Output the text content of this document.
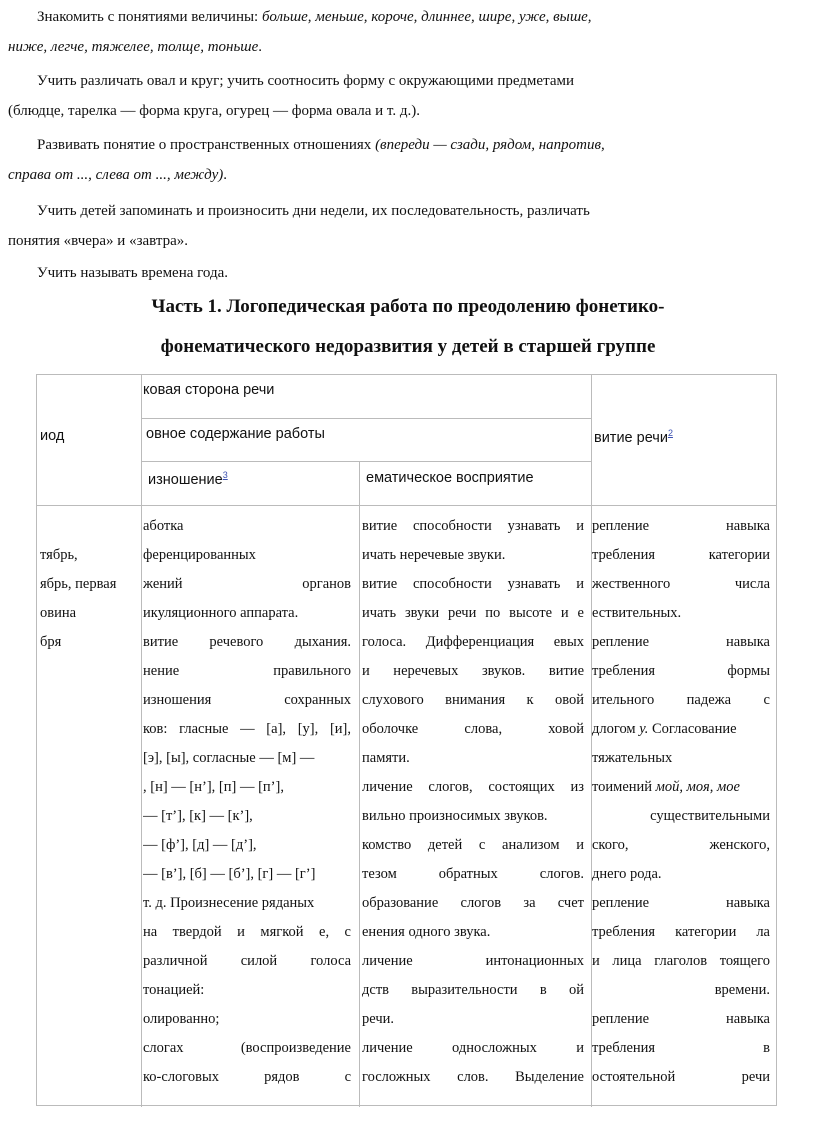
Знакомить с понятиями величины: больше, меньше, короче, длиннее, шире, уже, выше,
ниже, легче, тяжелее, толще, тоньше.

Учить различать овал и круг; учить соотносить форму с окружающими предметами
(блюдце, тарелка — форма круга, огурец — форма овала и т. д.).

Развивать понятие о пространственных отношениях (впереди — сзади, рядом, напротив,
справа от ..., слева от ..., между).

Учить детей запоминать и произносить дни недели, их последовательность, различать
понятия «вчера» и «завтра».

Учить называть времена года.

Часть 1. Логопедическая работа по преодолению фонетико-

фонематического недоразвития у детей в старшей группе

иод
ковая сторона речи
овное содержание работы
изношение$^3$	ематическое восприятие
витие речи$^2$
тябрь,
ябрь, первая
овина
бря
аботка
ференцированных
жений органов
икуляционного аппарата.
витие речевого дыхания.
нение правильного
изношения сохранных
ков: гласные — [а], [у], [и],
[э], [ы], согласные — [м] —
, [н] — [н’], [п] — [п’],
— [т’], [к] — [к’],
— [ф’], [д] — [д’],
— [в’], [б] — [б’], [г] — [г’]
т. д. Произнесение ряданых
на твердой и мягкой е, с
различной силой голоса
тонацией:
олированно;
слогах (воспроизведение
ко-слоговых рядов с
витие способности узнавать и
ичать неречевые звуки.
витие способности узнавать и
ичать звуки речи по высоте и е
голоса. Дифференциация евых
и неречевых звуков. витие
слухового внимания к овой
оболочке слова, ховой
памяти.
личение слогов, состоящих из
вильно произносимых звуков.
комство детей с анализом и
тезом обратных слогов.
образование слогов за счет
енения одного звука.
личение интонационных
дств выразительности в ой
речи.
личение односложных и
госложных слов. Выделение
репление навыка
требления категории
жественного числа
ествительных.
репление навыка
требления формы
ительного падежа с
длогом у. Согласование
тяжательных
тоимений мой, моя, мое
существительными
ского, женского,
днего рода.
репление навыка
требления категории ла
и лица глаголов тоящего
времени.
репление навыка
требления в
остоятельной речи
